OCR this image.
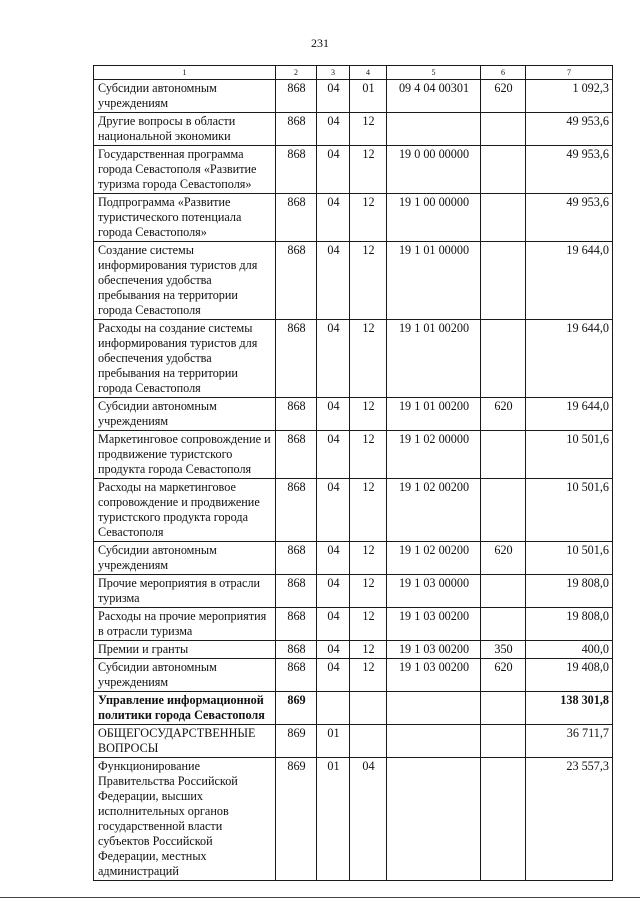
231
1	2	3	4	5	6	7
Субсидии автономным учреждениям	868	04	01	09 4 04 00301	620	1 092,3
Другие вопросы в области национальной экономики	868	04	12			49 953,6
Государственная программа города Севастополя «Развитие туризма города Севастополя»	868	04	12	19 0 00 00000		49 953,6
Подпрограмма «Развитие туристического потенциала города Севастополя»	868	04	12	19 1 00 00000		49 953,6
Создание системы информирования туристов для обеспечения удобства пребывания на территории города Севастополя	868	04	12	19 1 01 00000		19 644,0
Расходы на создание системы информирования туристов для обеспечения удобства пребывания на территории города Севастополя	868	04	12	19 1 01 00200		19 644,0
Субсидии автономным учреждениям	868	04	12	19 1 01 00200	620	19 644,0
Маркетинговое сопровождение и продвижение туристского продукта города Севастополя	868	04	12	19 1 02 00000		10 501,6
Расходы на маркетинговое сопровождение и продвижение туристского продукта города Севастополя	868	04	12	19 1 02 00200		10 501,6
Субсидии автономным учреждениям	868	04	12	19 1 02 00200	620	10 501,6
Прочие мероприятия в отрасли туризма	868	04	12	19 1 03 00000		19 808,0
Расходы на прочие мероприятия в отрасли туризма	868	04	12	19 1 03 00200		19 808,0
Премии и гранты	868	04	12	19 1 03 00200	350	400,0
Субсидии автономным учреждениям	868	04	12	19 1 03 00200	620	19 408,0
Управление информационной политики города Севастополя	869					138 301,8
ОБЩЕГОСУДАРСТВЕННЫЕ ВОПРОСЫ	869	01				36 711,7
Функционирование Правительства Российской Федерации, высших исполнительных органов государственной власти субъектов Российской Федерации, местных администраций	869	01	04			23 557,3
